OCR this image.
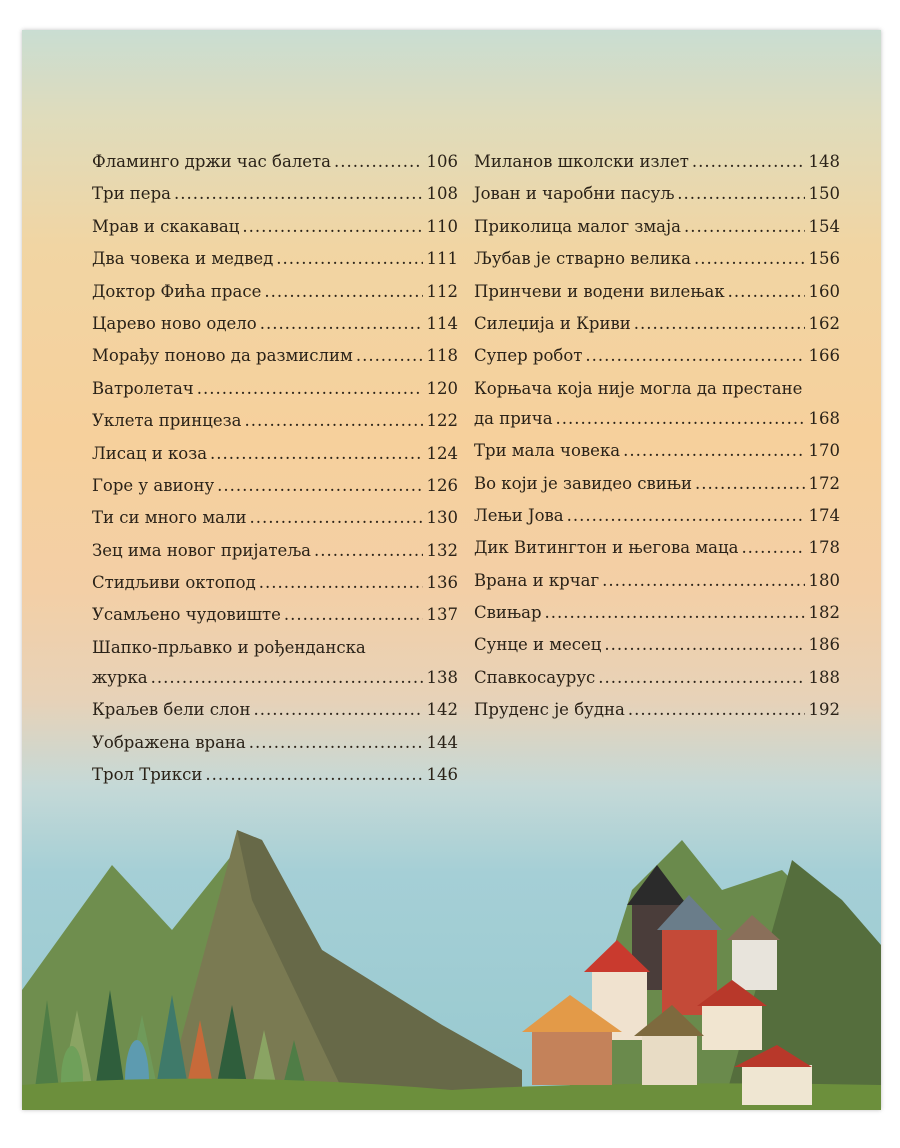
Фламинго држи час балета .....	106
Три пера .....	108
Мрав и скакавац .....	110
Два човека и медвед .....	111
Доктор Фића прасе .....	112
Царево ново одело .....	114
Морађу поново да размислим .....	118
Ватролетач .....	120
Уклета принцеза .....	122
Лисац и коза .....	124
Горе у авиону .....	126
Ти си много мали .....	130
Зец има новог пријатеља .....	132
Стидљиви октопод .....	136
Усамљено чудовиште .....	137
Шапко-прљавко и рођенданска
журка .....	138
Краљев бели слон .....	142
Уображена врана .....	144
Трол Трикси .....	146
Миланов школски излет .....	148
Јован и чаробни пасуљ .....	150
Приколица малог змаја .....	154
Љубав је стварно велика .....	156
Принчеви и водени вилењак .....	160
Силеџија и Криви .....	162
Супер робот .....	166
Корњача која није могла да престане
да прича .....	168
Три мала човека .....	170
Во који је завидео свињи .....	172
Лењи Јова .....	174
Дик Витингтон и његова маца .....	178
Врана и крчаг .....	180
Свињар .....	182
Сунце и месец .....	186
Спавкосаурус .....	188
Пруденс је будна .....	192
